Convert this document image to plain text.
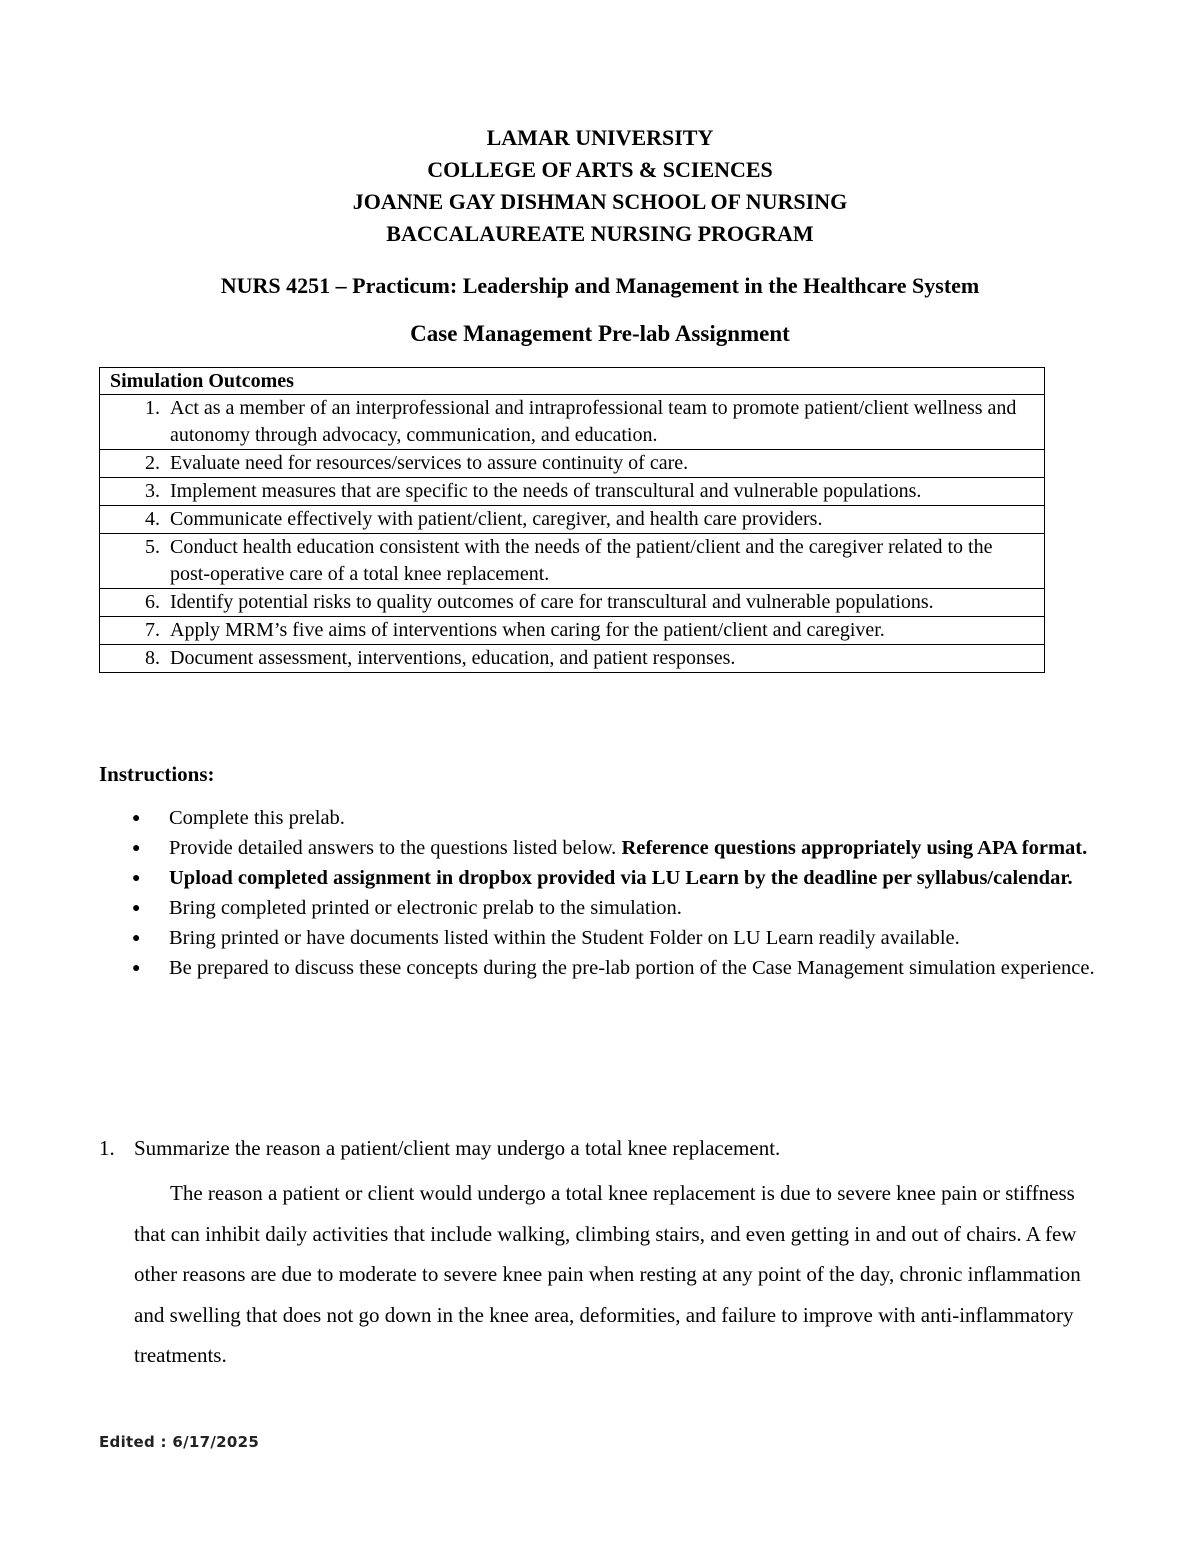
LAMAR UNIVERSITY
COLLEGE OF ARTS & SCIENCES
JOANNE GAY DISHMAN SCHOOL OF NURSING
BACCALAUREATE NURSING PROGRAM
NURS 4251 – Practicum: Leadership and Management in the Healthcare System
Case Management Pre-lab Assignment
Simulation Outcomes

1. Act as a member of an interprofessional and intraprofessional team to promote patient/client wellness and autonomy through advocacy, communication, and education.

2. Evaluate need for resources/services to assure continuity of care.

3. Implement measures that are specific to the needs of transcultural and vulnerable populations.

4. Communicate effectively with patient/client, caregiver, and health care providers.

5. Conduct health education consistent with the needs of the patient/client and the caregiver related to the post-operative care of a total knee replacement.

6. Identify potential risks to quality outcomes of care for transcultural and vulnerable populations.

7. Apply MRM’s five aims of interventions when caring for the patient/client and caregiver.

8. Document assessment, interventions, education, and patient responses.
Instructions:
●	Complete this prelab.
●	Provide detailed answers to the questions listed below. Reference questions appropriately using APA format.
●	Upload completed assignment in dropbox provided via LU Learn by the deadline per syllabus/calendar.
●	Bring completed printed or electronic prelab to the simulation.
●	Bring printed or have documents listed within the Student Folder on LU Learn readily available.
●	Be prepared to discuss these concepts during the pre-lab portion of the Case Management simulation experience.
1. Summarize the reason a patient/client may undergo a total knee replacement.
The reason a patient or client would undergo a total knee replacement is due to severe knee pain or stiffness that can inhibit daily activities that include walking, climbing stairs, and even getting in and out of chairs. A few other reasons are due to moderate to severe knee pain when resting at any point of the day, chronic inflammation and swelling that does not go down in the knee area, deformities, and failure to improve with anti-inflammatory treatments.
Edited : 6/17/2025
